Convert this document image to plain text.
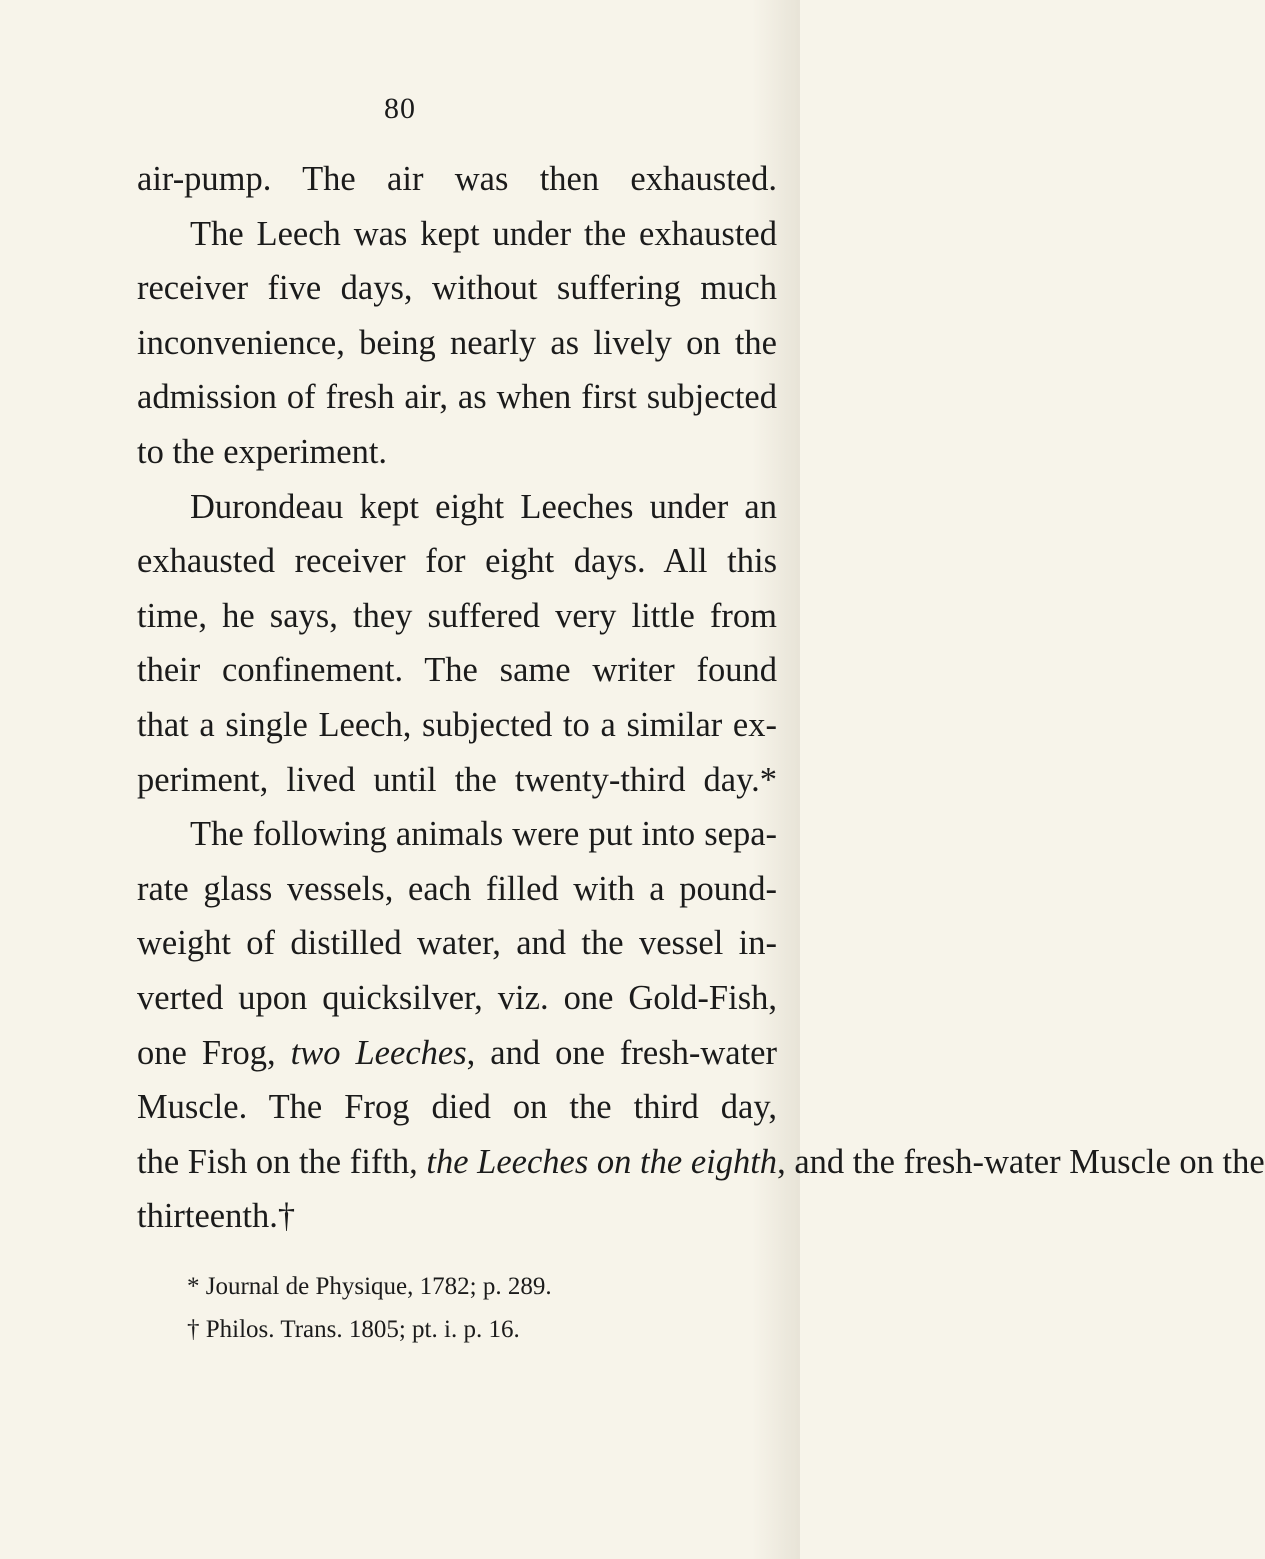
80
air-pump. The air was then exhausted.
The Leech was kept under the exhausted
receiver five days, without suffering much
inconvenience, being nearly as lively on the
admission of fresh air, as when first subjected
to the experiment.
Durondeau kept eight Leeches under an
exhausted receiver for eight days. All this
time, he says, they suffered very little from
their confinement. The same writer found
that a single Leech, subjected to a similar ex-
periment, lived until the twenty-third day.*
The following animals were put into sepa-
rate glass vessels, each filled with a pound-
weight of distilled water, and the vessel in-
verted upon quicksilver, viz. one Gold-Fish,
one Frog, two Leeches, and one fresh-water
Muscle. The Frog died on the third day,
the Fish on the fifth, the Leeches on the eighth, and the fresh-water Muscle on the
thirteenth.†
* Journal de Physique, 1782; p. 289.
† Philos. Trans. 1805; pt. i. p. 16.
